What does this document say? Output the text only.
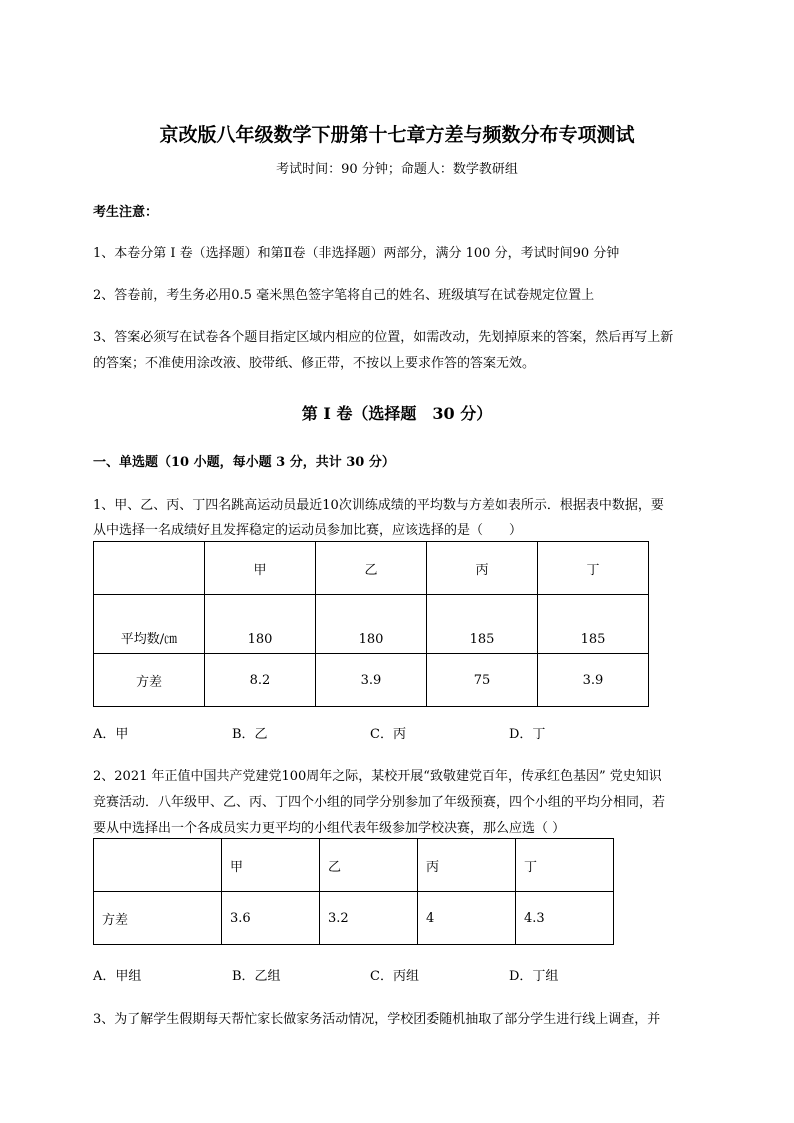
京改版八年级数学下册第十七章方差与频数分布专项测试
考试时间：90 分钟；命题人：数学教研组
考生注意：
1、本卷分第 I 卷（选择题）和第Ⅱ卷（非选择题）两部分，满分 100 分，考试时间90 分钟
2、答卷前，考生务必用0.5 毫米黑色签字笔将自己的姓名、班级填写在试卷规定位置上
3、答案必须写在试卷各个题目指定区域内相应的位置，如需改动，先划掉原来的答案，然后再写上新
的答案；不准使用涂改液、胶带纸、修正带，不按以上要求作答的答案无效。
第 I 卷（选择题　30 分）
一、单选题（10 小题，每小题 3 分，共计 30 分）
1、甲、乙、丙、丁四名跳高运动员最近10次训练成绩的平均数与方差如表所示．根据表中数据，要
从中选择一名成绩好且发挥稳定的运动员参加比赛，应该选择的是（　　）
	甲	乙	丙	丁
平均数/㎝	180	180	185	185
方差	8.2	3.9	75	3.9
A．甲	B．乙	C．丙	D．丁
2、2021 年正值中国共产党建党100周年之际，某校开展“致敬建党百年，传承红色基因” 党史知识
竞赛活动．八年级甲、乙、丙、丁四个小组的同学分别参加了年级预赛，四个小组的平均分相同，若
要从中选择出一个各成员实力更平均的小组代表年级参加学校决赛，那么应选（ ）
	甲	乙	丙	丁
方差	3.6	3.2	4	4.3
A．甲组	B．乙组	C．丙组	D．丁组
3、为了解学生假期每天帮忙家长做家务活动情况，学校团委随机抽取了部分学生进行线上调查，并
